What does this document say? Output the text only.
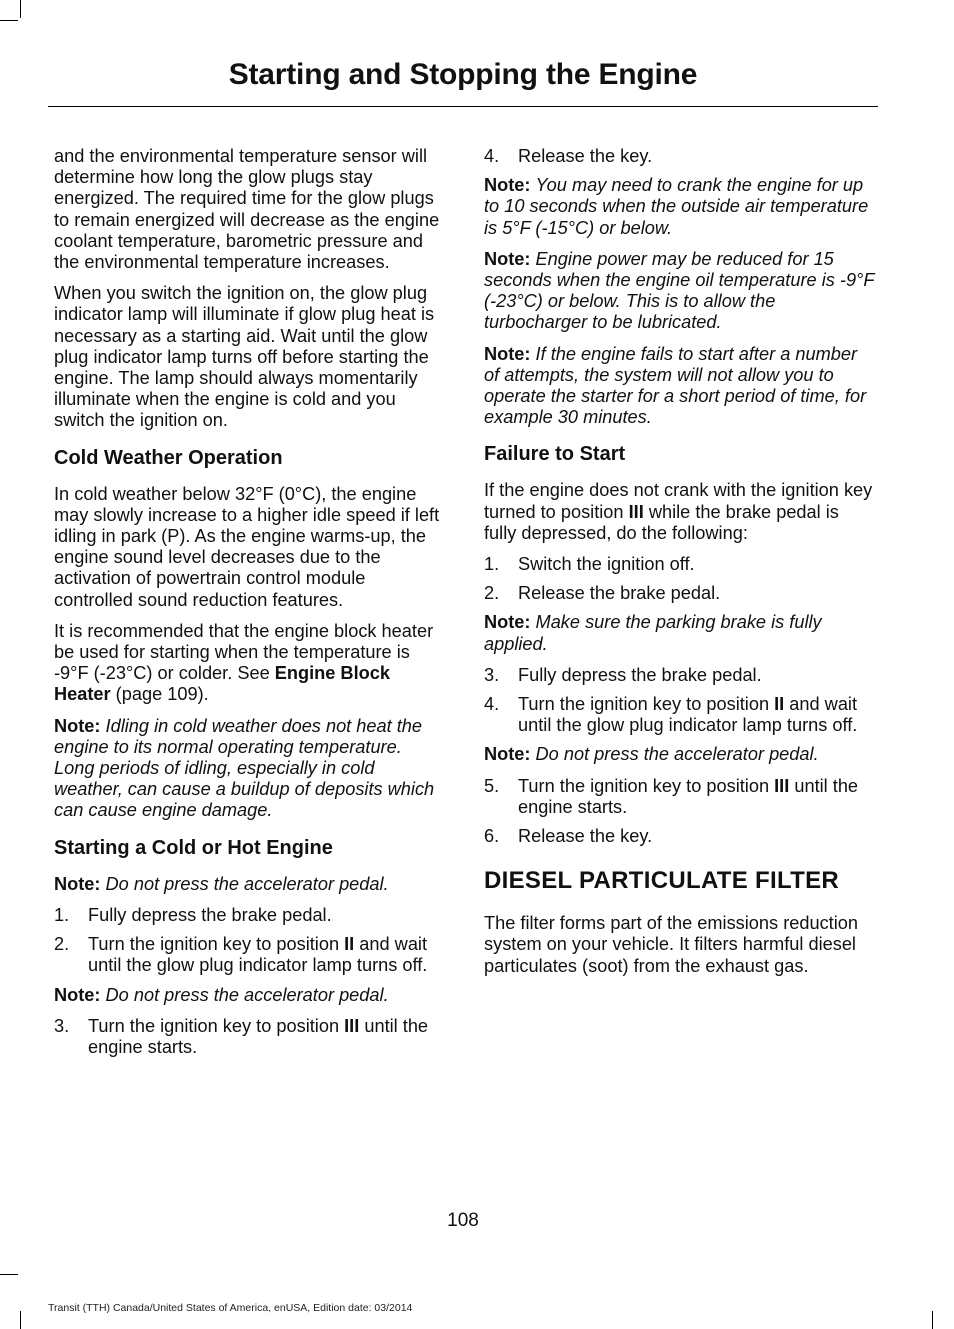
Starting and Stopping the Engine

and the environmental temperature sensor will determine how long the glow plugs stay energized. The required time for the glow plugs to remain energized will decrease as the engine coolant temperature, barometric pressure and the environmental temperature increases.

When you switch the ignition on, the glow plug indicator lamp will illuminate if glow plug heat is necessary as a starting aid. Wait until the glow plug indicator lamp turns off before starting the engine. The lamp should always momentarily illuminate when the engine is cold and you switch the ignition on.

Cold Weather Operation

In cold weather below 32°F (0°C), the engine may slowly increase to a higher idle speed if left idling in park (P). As the engine warms-up, the engine sound level decreases due to the activation of powertrain control module controlled sound reduction features.

It is recommended that the engine block heater be used for starting when the temperature is -9°F (-23°C) or colder. See Engine Block Heater (page 109).

Note: Idling in cold weather does not heat the engine to its normal operating temperature. Long periods of idling, especially in cold weather, can cause a buildup of deposits which can cause engine damage.

Starting a Cold or Hot Engine

Note: Do not press the accelerator pedal.

1.	Fully depress the brake pedal.
2.	Turn the ignition key to position II and wait until the glow plug indicator lamp turns off.

Note: Do not press the accelerator pedal.

3.	Turn the ignition key to position III until the engine starts.
4.	Release the key.

Note: You may need to crank the engine for up to 10 seconds when the outside air temperature is 5°F (-15°C) or below.

Note: Engine power may be reduced for 15 seconds when the engine oil temperature is -9°F (-23°C) or below. This is to allow the turbocharger to be lubricated.

Note: If the engine fails to start after a number of attempts, the system will not allow you to operate the starter for a short period of time, for example 30 minutes.

Failure to Start

If the engine does not crank with the ignition key turned to position III while the brake pedal is fully depressed, do the following:

1.	Switch the ignition off.
2.	Release the brake pedal.

Note: Make sure the parking brake is fully applied.

3.	Fully depress the brake pedal.
4.	Turn the ignition key to position II and wait until the glow plug indicator lamp turns off.

Note: Do not press the accelerator pedal.

5.	Turn the ignition key to position III until the engine starts.
6.	Release the key.
DIESEL PARTICULATE FILTER

The filter forms part of the emissions reduction system on your vehicle. It filters harmful diesel particulates (soot) from the exhaust gas.

108
Transit (TTH) Canada/United States of America, enUSA, Edition date: 03/2014
